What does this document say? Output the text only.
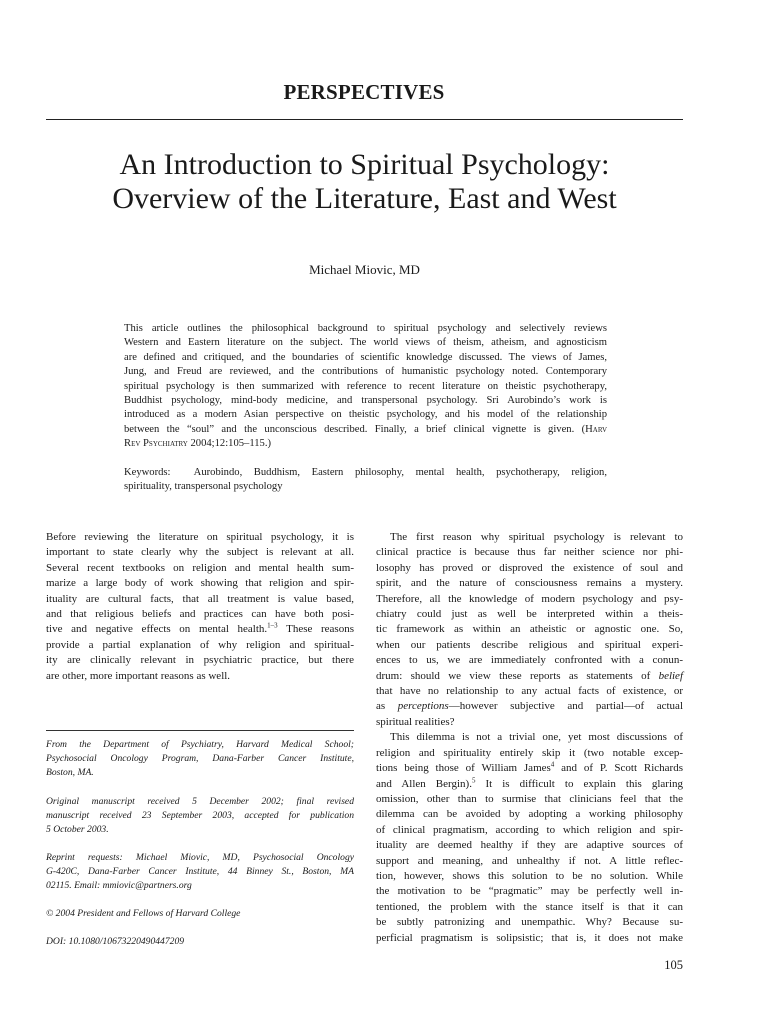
PERSPECTIVES
An Introduction to Spiritual Psychology:
Overview of the Literature, East and West
Michael Miovic, MD
This article outlines the philosophical background to spiritual psychology and selectively reviews
Western and Eastern literature on the subject. The world views of theism, atheism, and agnosticism
are defined and critiqued, and the boundaries of scientific knowledge discussed. The views of James,
Jung, and Freud are reviewed, and the contributions of humanistic psychology noted. Contemporary
spiritual psychology is then summarized with reference to recent literature on theistic psychotherapy,
Buddhist psychology, mind-body medicine, and transpersonal psychology. Sri Aurobindo’s work is
introduced as a modern Asian perspective on theistic psychology, and his model of the relationship
between the “soul” and the unconscious described. Finally, a brief clinical vignette is given. (Harv
Rev Psychiatry 2004;12:105–115.)
Keywords: Aurobindo, Buddhism, Eastern philosophy, mental health, psychotherapy, religion,
spirituality, transpersonal psychology
Before reviewing the literature on spiritual psychology, it is
important to state clearly why the subject is relevant at all.
Several recent textbooks on religion and mental health sum-
marize a large body of work showing that religion and spir-
ituality are cultural facts, that all treatment is value based,
and that religious beliefs and practices can have both posi-
tive and negative effects on mental health.$^{1-3}$ These reasons
provide a partial explanation of why religion and spiritual-
ity are clinically relevant in psychiatric practice, but there
are other, more important reasons as well.
From the Department of Psychiatry, Harvard Medical School;
Psychosocial Oncology Program, Dana-Farber Cancer Institute,
Boston, MA.
Original manuscript received 5 December 2002; final revised
manuscript received 23 September 2003, accepted for publication
5 October 2003.
Reprint requests: Michael Miovic, MD, Psychosocial Oncology
G-420C, Dana-Farber Cancer Institute, 44 Binney St., Boston, MA
02115. Email: mmiovic@partners.org
© 2004 President and Fellows of Harvard College
DOI: 10.1080/10673220490447209
The first reason why spiritual psychology is relevant to
clinical practice is because thus far neither science nor phi-
losophy has proved or disproved the existence of soul and
spirit, and the nature of consciousness remains a mystery.
Therefore, all the knowledge of modern psychology and psy-
chiatry could just as well be interpreted within a theis-
tic framework as within an atheistic or agnostic one. So,
when our patients describe religious and spiritual experi-
ences to us, we are immediately confronted with a conun-
drum: should we view these reports as statements of belief
that have no relationship to any actual facts of existence, or
as perceptions—however subjective and partial—of actual
spiritual realities?
This dilemma is not a trivial one, yet most discussions of
religion and spirituality entirely skip it (two notable excep-
tions being those of William James$^4$ and of P. Scott Richards
and Allen Bergin).$^5$ It is difficult to explain this glaring
omission, other than to surmise that clinicians feel that the
dilemma can be avoided by adopting a working philosophy
of clinical pragmatism, according to which religion and spir-
ituality are deemed healthy if they are adaptive sources of
support and meaning, and unhealthy if not. A little reflec-
tion, however, shows this solution to be no solution. While
the motivation to be “pragmatic” may be perfectly well in-
tentioned, the problem with the stance itself is that it can
be subtly patronizing and unempathic. Why? Because su-
perficial pragmatism is solipsistic; that is, it does not make
105
